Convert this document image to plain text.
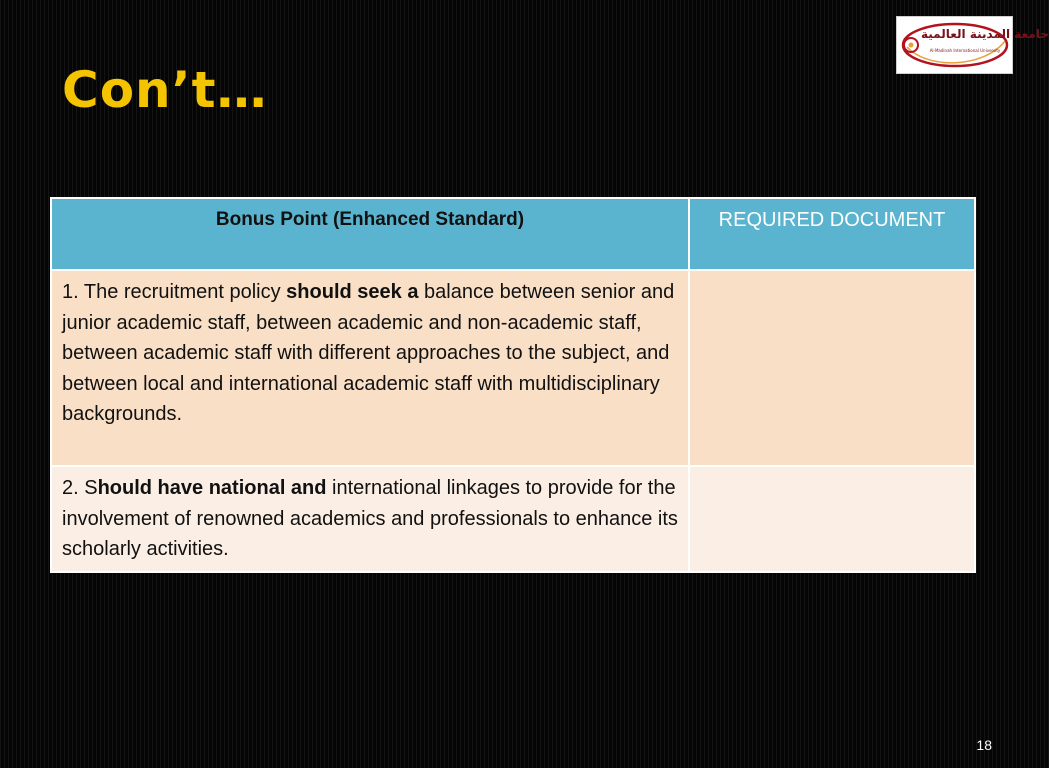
Con’t…
جامعة المدينة العالمية
Al-Madinah International University
Bonus Point (Enhanced Standard)	REQUIRED DOCUMENT
1. The recruitment policy should seek a balance between senior and junior academic staff, between academic and non-academic staff, between academic staff with different approaches to the subject, and between local and international academic staff with multidisciplinary backgrounds.	
2. Should have national and international linkages to provide for the involvement of renowned academics and professionals to enhance its scholarly activities.	
18
